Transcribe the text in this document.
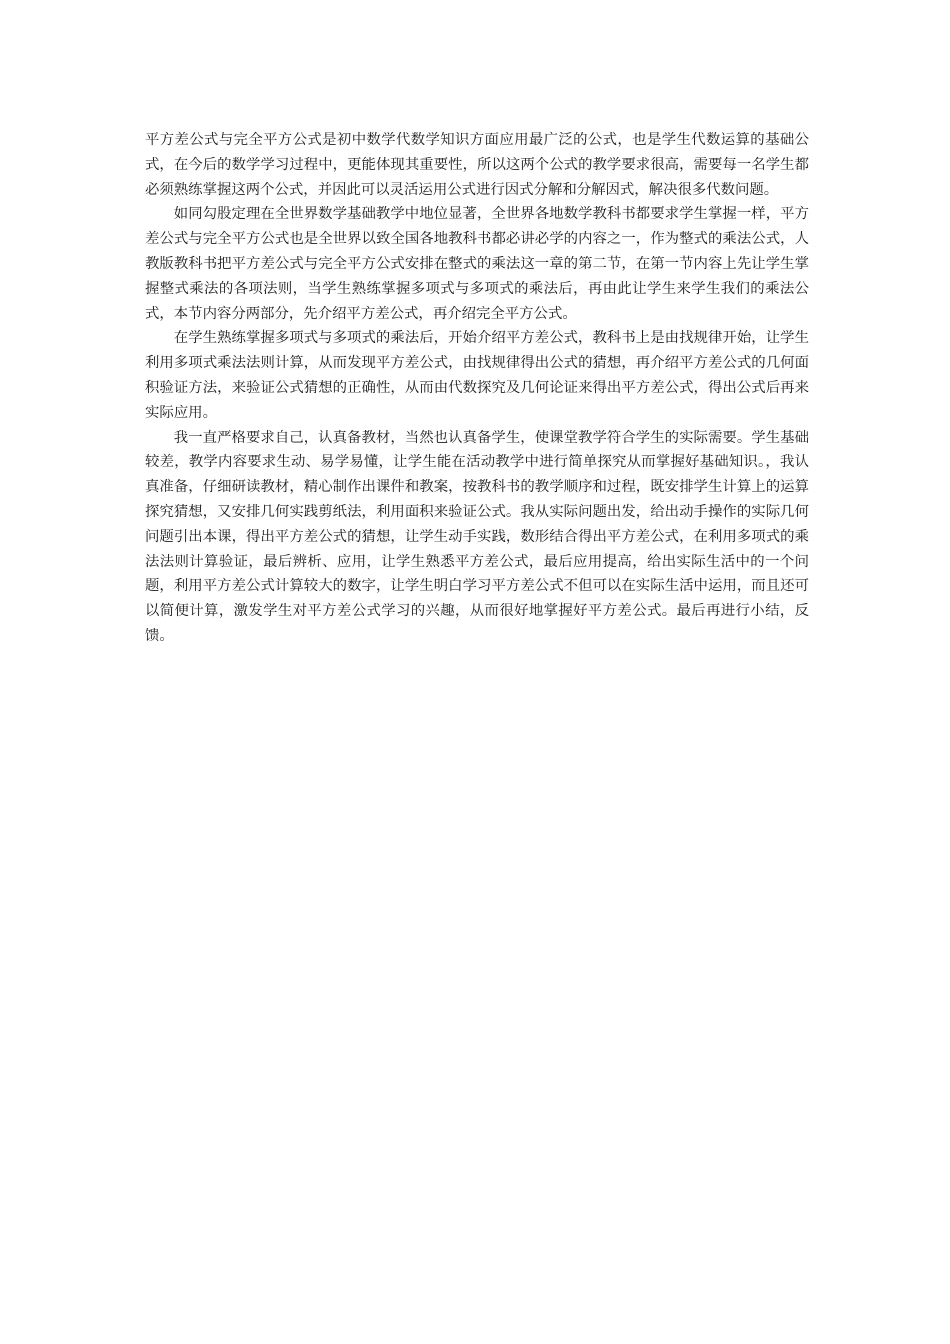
平方差公式与完全平方公式是初中数学代数学知识方面应用最广泛的公式，也是学生代数运算的基础公式，在今后的数学学习过程中，更能体现其重要性，所以这两个公式的教学要求很高，需要每一名学生都必须熟练掌握这两个公式，并因此可以灵活运用公式进行因式分解和分解因式，解决很多代数问题。

如同勾股定理在全世界数学基础教学中地位显著，全世界各地数学教科书都要求学生掌握一样，平方差公式与完全平方公式也是全世界以致全国各地教科书都必讲必学的内容之一，作为整式的乘法公式，人教版教科书把平方差公式与完全平方公式安排在整式的乘法这一章的第二节，在第一节内容上先让学生掌握整式乘法的各项法则，当学生熟练掌握多项式与多项式的乘法后，再由此让学生来学生我们的乘法公式，本节内容分两部分，先介绍平方差公式，再介绍完全平方公式。

在学生熟练掌握多项式与多项式的乘法后，开始介绍平方差公式，教科书上是由找规律开始，让学生利用多项式乘法法则计算，从而发现平方差公式，由找规律得出公式的猜想，再介绍平方差公式的几何面积验证方法，来验证公式猜想的正确性，从而由代数探究及几何论证来得出平方差公式，得出公式后再来实际应用。

我一直严格要求自己，认真备教材，当然也认真备学生，使课堂教学符合学生的实际需要。学生基础较差，教学内容要求生动、易学易懂，让学生能在活动教学中进行简单探究从而掌握好基础知识。，我认真准备，仔细研读教材，精心制作出课件和教案，按教科书的教学顺序和过程，既安排学生计算上的运算探究猜想，又安排几何实践剪纸法，利用面积来验证公式。我从实际问题出发，给出动手操作的实际几何问题引出本课，得出平方差公式的猜想，让学生动手实践，数形结合得出平方差公式，在利用多项式的乘法法则计算验证，最后辨析、应用，让学生熟悉平方差公式，最后应用提高，给出实际生活中的一个问题，利用平方差公式计算较大的数字，让学生明白学习平方差公式不但可以在实际生活中运用，而且还可以简便计算，激发学生对平方差公式学习的兴趣，从而很好地掌握好平方差公式。最后再进行小结，反馈。
